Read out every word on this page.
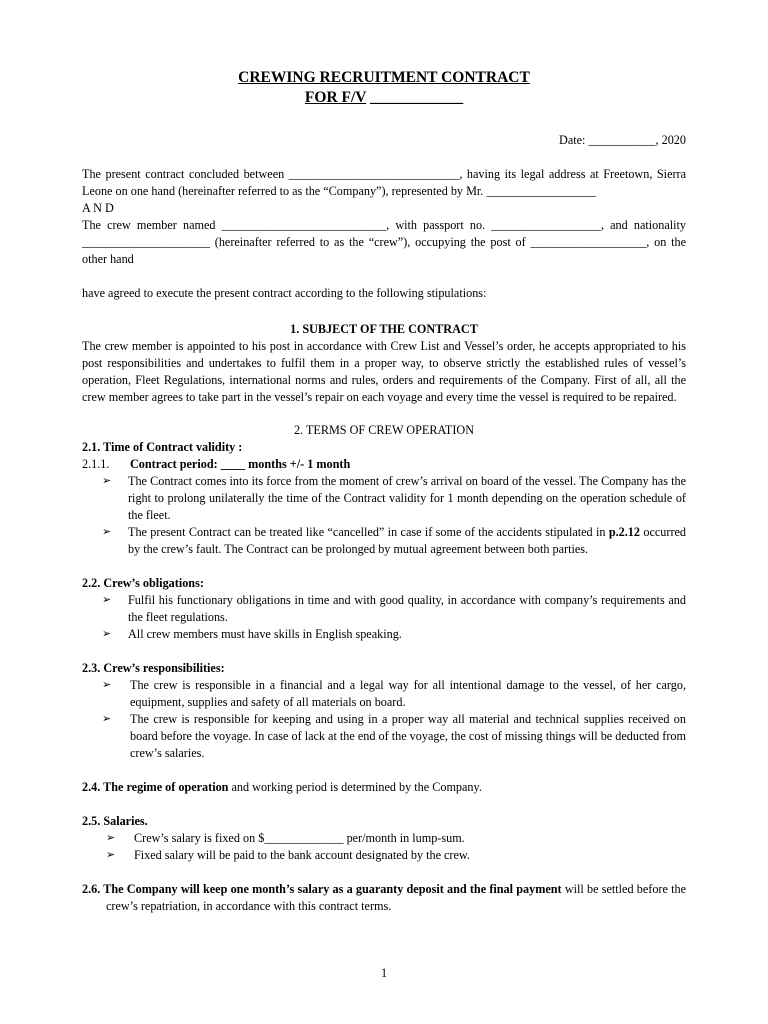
CREWING RECRUITMENT CONTRACT

FOR F/V ____________

Date: ___________, 2020

The present contract concluded between ____________________________, having its legal address at Freetown, Sierra Leone on one hand (hereinafter referred to as the “Company”), represented by Mr. __________________

A N D

The crew member named ___________________________, with passport no. __________________, and nationality _____________________ (hereinafter referred to as the “crew”), occupying the post of ___________________, on the other hand

have agreed to execute the present contract according to the following stipulations:

1. SUBJECT OF THE CONTRACT

The crew member is appointed to his post in accordance with Crew List and Vessel’s order, he accepts appropriated to his post responsibilities and undertakes to fulfil them in a proper way, to observe strictly the established rules of vessel’s operation, Fleet Regulations, international norms and rules, orders and requirements of the Company. First of all, all the crew member agrees to take part in the vessel’s repair on each voyage and every time the vessel is required to be repaired.

2. TERMS OF CREW OPERATION

2.1. Time of Contract validity :

2.1.1.	Contract period: ____ months +/- 1 month
➢ The Contract comes into its force from the moment of crew’s arrival on board of the vessel. The Company has the right to prolong unilaterally the time of the Contract validity for 1 month depending on the operation schedule of the fleet.
➢ The present Contract can be treated like “cancelled” in case if some of the accidents stipulated in p.2.12 occurred by the crew’s fault. The Contract can be prolonged by mutual agreement between both parties.

2.2. Crew’s obligations:

➢ Fulfil his functionary obligations in time and with good quality, in accordance with company’s requirements and the fleet regulations.
➢ All crew members must have skills in English speaking.

2.3. Crew’s responsibilities:

➢ The crew is responsible in a financial and a legal way for all intentional damage to the vessel, of her cargo, equipment, supplies and safety of all materials on board.
➢ The crew is responsible for keeping and using in a proper way all material and technical supplies received on board before the voyage. In case of lack at the end of the voyage, the cost of missing things will be deducted from crew’s salaries.

2.4. The regime of operation and working period is determined by the Company.

2.5. Salaries.

➢ Crew’s salary is fixed on $_____________ per/month in lump-sum.
➢ Fixed salary will be paid to the bank account designated by the crew.

2.6. The Company will keep one month’s salary as a guaranty deposit and the final payment will be settled before the crew’s repatriation, in accordance with this contract terms.

1
